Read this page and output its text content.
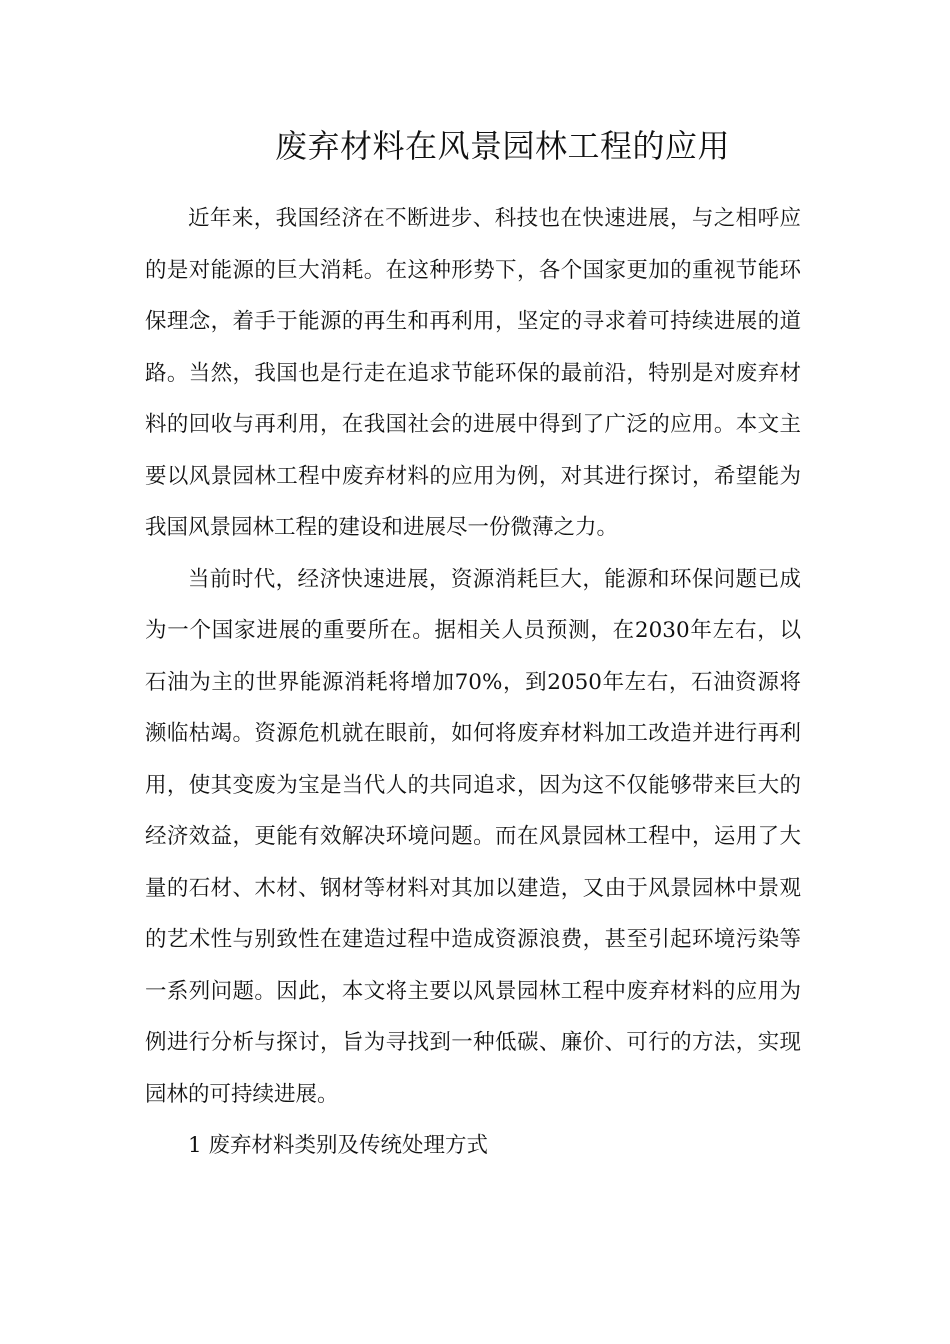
废弃材料在风景园林工程的应用

近年来，我国经济在不断进步、科技也在快速进展，与之相呼应的是对能源的巨大消耗。在这种形势下，各个国家更加的重视节能环保理念，着手于能源的再生和再利用，坚定的寻求着可持续进展的道路。当然，我国也是行走在追求节能环保的最前沿，特别是对废弃材料的回收与再利用，在我国社会的进展中得到了广泛的应用。本文主要以风景园林工程中废弃材料的应用为例，对其进行探讨，希望能为我国风景园林工程的建设和进展尽一份微薄之力。

当前时代，经济快速进展，资源消耗巨大，能源和环保问题已成为一个国家进展的重要所在。据相关人员预测，在2030年左右，以石油为主的世界能源消耗将增加70%，到2050年左右，石油资源将濒临枯竭。资源危机就在眼前，如何将废弃材料加工改造并进行再利用，使其变废为宝是当代人的共同追求，因为这不仅能够带来巨大的经济效益，更能有效解决环境问题。而在风景园林工程中，运用了大量的石材、木材、钢材等材料对其加以建造，又由于风景园林中景观的艺术性与别致性在建造过程中造成资源浪费，甚至引起环境污染等一系列问题。因此，本文将主要以风景园林工程中废弃材料的应用为例进行分析与探讨，旨为寻找到一种低碳、廉价、可行的方法，实现园林的可持续进展。

1 废弃材料类别及传统处理方式
